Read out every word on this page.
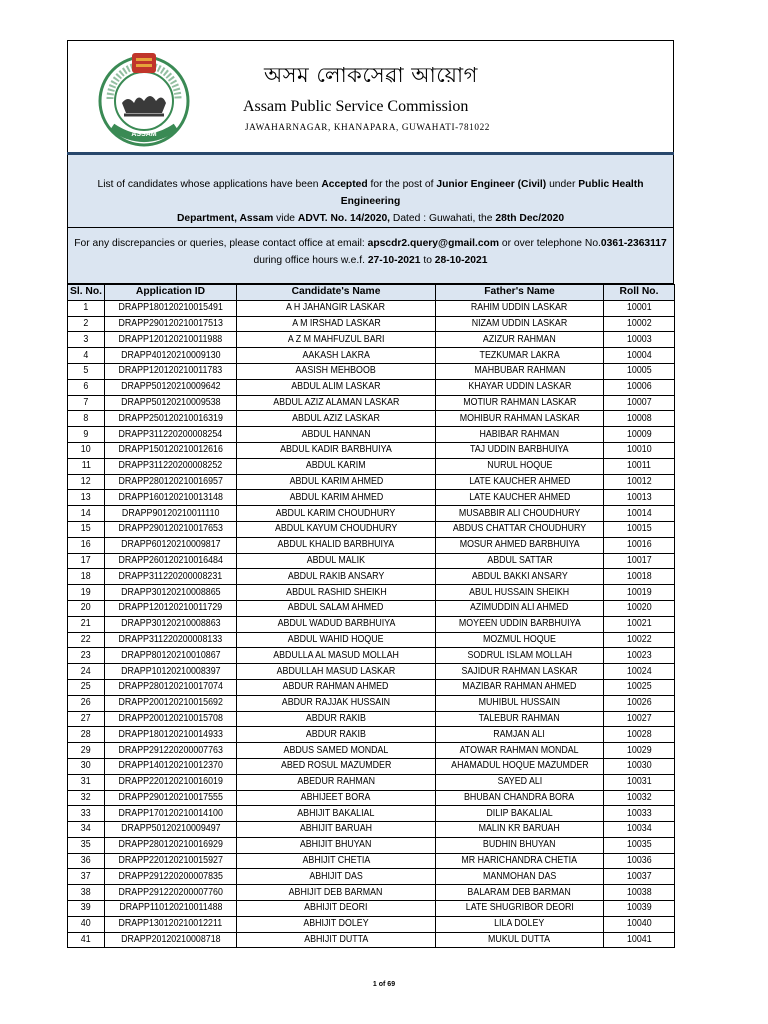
ASSAM
অসম লোকসেৱা আয়োগ
Assam Public Service Commission
JAWAHARNAGAR, KHANAPARA, GUWAHATI-781022
List of candidates whose applications have been Accepted for the post of Junior Engineer (Civil) under Public Health Engineering
Department, Assam vide ADVT. No. 14/2020, Dated : Guwahati, the 28th Dec/2020
For any discrepancies or queries, please contact office at email: apscdr2.query@gmail.com or over telephone No.0361-2363117
during office hours w.e.f. 27-10-2021 to 28-10-2021
Sl. No.	Application ID	Candidate's Name	Father's Name	Roll No.
1	DRAPP180120210015491	A H JAHANGIR LASKAR	RAHIM UDDIN LASKAR	10001
2	DRAPP290120210017513	A M IRSHAD LASKAR	NIZAM UDDIN LASKAR	10002
3	DRAPP120120210011988	A Z M MAHFUZUL BARI	AZIZUR RAHMAN	10003
4	DRAPP40120210009130	AAKASH LAKRA	TEZKUMAR LAKRA	10004
5	DRAPP120120210011783	AASISH MEHBOOB	MAHBUBAR RAHMAN	10005
6	DRAPP50120210009642	ABDUL ALIM LASKAR	KHAYAR UDDIN LASKAR	10006
7	DRAPP50120210009538	ABDUL AZIZ ALAMAN LASKAR	MOTIUR RAHMAN LASKAR	10007
8	DRAPP250120210016319	ABDUL AZIZ LASKAR	MOHIBUR RAHMAN LASKAR	10008
9	DRAPP311220200008254	ABDUL HANNAN	HABIBAR RAHMAN	10009
10	DRAPP150120210012616	ABDUL KADIR BARBHUIYA	TAJ UDDIN BARBHUIYA	10010
11	DRAPP311220200008252	ABDUL KARIM	NURUL HOQUE	10011
12	DRAPP280120210016957	ABDUL KARIM AHMED	LATE KAUCHER AHMED	10012
13	DRAPP160120210013148	ABDUL KARIM AHMED	LATE KAUCHER AHMED	10013
14	DRAPP90120210011110	ABDUL KARIM CHOUDHURY	MUSABBIR ALI CHOUDHURY	10014
15	DRAPP290120210017653	ABDUL KAYUM CHOUDHURY	ABDUS CHATTAR CHOUDHURY	10015
16	DRAPP60120210009817	ABDUL KHALID BARBHUIYA	MOSUR AHMED BARBHUIYA	10016
17	DRAPP260120210016484	ABDUL MALIK	ABDUL SATTAR	10017
18	DRAPP311220200008231	ABDUL RAKIB ANSARY	ABDUL BAKKI ANSARY	10018
19	DRAPP30120210008865	ABDUL RASHID SHEIKH	ABUL HUSSAIN SHEIKH	10019
20	DRAPP120120210011729	ABDUL SALAM AHMED	AZIMUDDIN ALI AHMED	10020
21	DRAPP30120210008863	ABDUL WADUD BARBHUIYA	MOYEEN UDDIN BARBHUIYA	10021
22	DRAPP311220200008133	ABDUL WAHID HOQUE	MOZMUL HOQUE	10022
23	DRAPP80120210010867	ABDULLA AL MASUD MOLLAH	SODRUL ISLAM MOLLAH	10023
24	DRAPP10120210008397	ABDULLAH MASUD LASKAR	SAJIDUR RAHMAN LASKAR	10024
25	DRAPP280120210017074	ABDUR RAHMAN AHMED	MAZIBAR RAHMAN AHMED	10025
26	DRAPP200120210015692	ABDUR RAJJAK HUSSAIN	MUHIBUL HUSSAIN	10026
27	DRAPP200120210015708	ABDUR RAKIB	TALEBUR RAHMAN	10027
28	DRAPP180120210014933	ABDUR RAKIB	RAMJAN ALI	10028
29	DRAPP291220200007763	ABDUS SAMED MONDAL	ATOWAR RAHMAN MONDAL	10029
30	DRAPP140120210012370	ABED ROSUL MAZUMDER	AHAMADUL HOQUE MAZUMDER	10030
31	DRAPP220120210016019	ABEDUR RAHMAN	SAYED ALI	10031
32	DRAPP290120210017555	ABHIJEET BORA	BHUBAN CHANDRA BORA	10032
33	DRAPP170120210014100	ABHIJIT BAKALIAL	DILIP BAKALIAL	10033
34	DRAPP50120210009497	ABHIJIT BARUAH	MALIN KR BARUAH	10034
35	DRAPP280120210016929	ABHIJIT BHUYAN	BUDHIN BHUYAN	10035
36	DRAPP220120210015927	ABHIJIT CHETIA	MR HARICHANDRA CHETIA	10036
37	DRAPP291220200007835	ABHIJIT DAS	MANMOHAN DAS	10037
38	DRAPP291220200007760	ABHIJIT DEB BARMAN	BALARAM DEB BARMAN	10038
39	DRAPP110120210011488	ABHIJIT DEORI	LATE SHUGRIBOR DEORI	10039
40	DRAPP130120210012211	ABHIJIT DOLEY	LILA DOLEY	10040
41	DRAPP20120210008718	ABHIJIT DUTTA	MUKUL DUTTA	10041
1 of 69
